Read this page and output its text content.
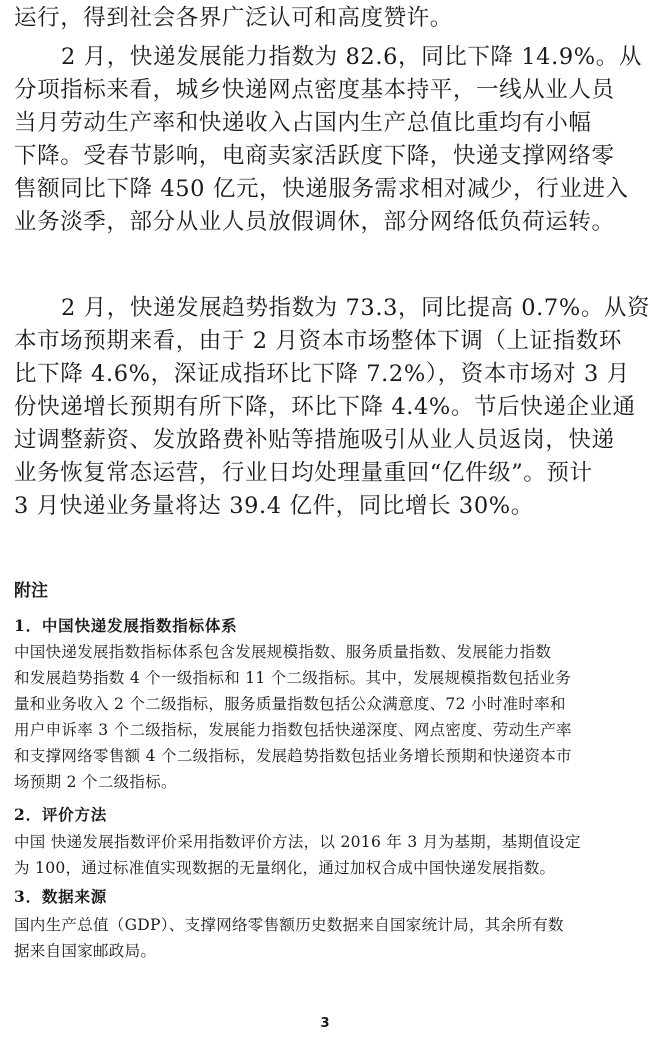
运行，得到社会各界广泛认可和高度赞许。

2 月，快递发展能力指数为 82.6，同比下降 14.9%。从
分项指标来看，城乡快递网点密度基本持平，一线从业人员
当月劳动生产率和快递收入占国内生产总值比重均有小幅
下降。受春节影响，电商卖家活跃度下降，快递支撑网络零
售额同比下降 450 亿元，快递服务需求相对减少，行业进入
业务淡季，部分从业人员放假调休，部分网络低负荷运转。

2 月，快递发展趋势指数为 73.3，同比提高 0.7%。从资
本市场预期来看，由于 2 月资本市场整体下调（上证指数环
比下降 4.6%，深证成指环比下降 7.2%），资本市场对 3 月
份快递增长预期有所下降，环比下降 4.4%。节后快递企业通
过调整薪资、发放路费补贴等措施吸引从业人员返岗，快递
业务恢复常态运营，行业日均处理量重回“亿件级”。预计
3 月快递业务量将达 39.4 亿件，同比增长 30%。

附注
1．中国快递发展指数指标体系

中国快递发展指数指标体系包含发展规模指数、服务质量指数、发展能力指数
和发展趋势指数 4 个一级指标和 11 个二级指标。其中，发展规模指数包括业务
量和业务收入 2 个二级指标，服务质量指数包括公众满意度、72 小时准时率和
用户申诉率 3 个二级指标，发展能力指数包括快递深度、网点密度、劳动生产率
和支撑网络零售额 4 个二级指标，发展趋势指数包括业务增长预期和快递资本市
场预期 2 个二级指标。

2．评价方法

中国 快递发展指数评价采用指数评价方法，以 2016 年 3 月为基期，基期值设定
为 100，通过标准值实现数据的无量纲化，通过加权合成中国快递发展指数。

3．数据来源

国内生产总值（GDP）、支撑网络零售额历史数据来自国家统计局，其余所有数
据来自国家邮政局。

3
